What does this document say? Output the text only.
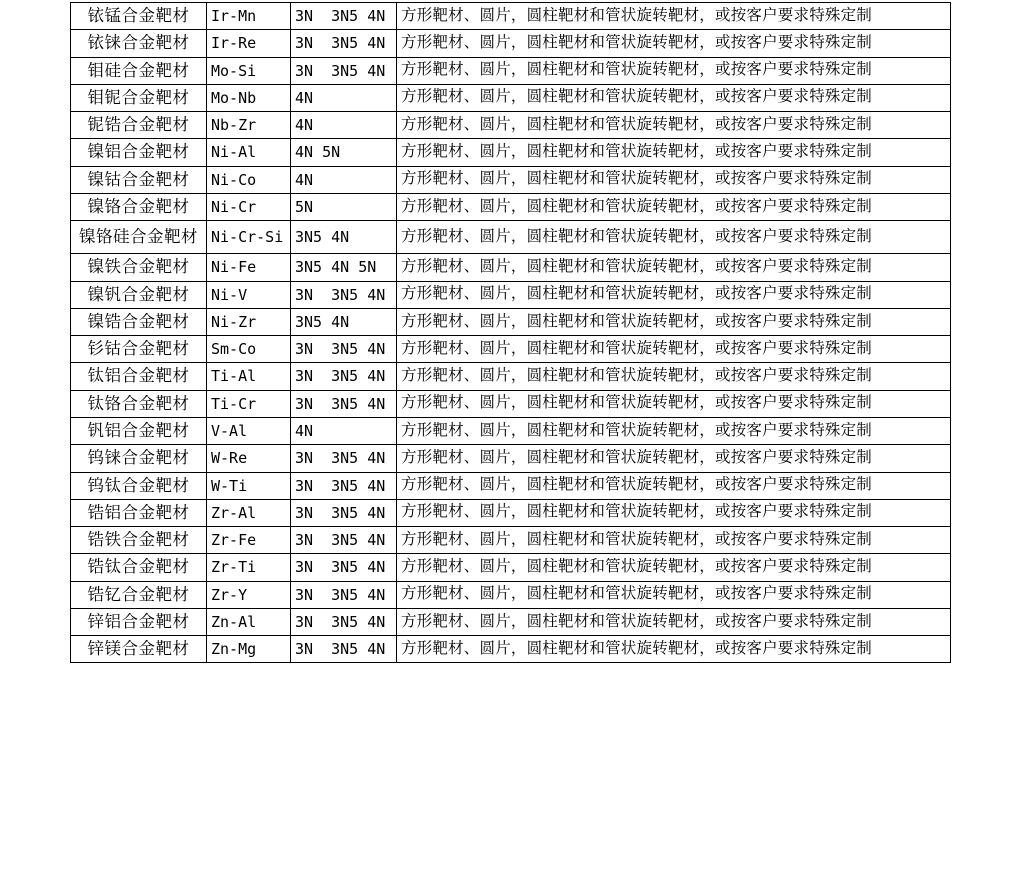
铱锰合金靶材	Ir-Mn	3N  3N5 4N	方形靶材、圆片，圆柱靶材和管状旋转靶材，或按客户要求特殊定制
铱铼合金靶材	Ir-Re	3N  3N5 4N	方形靶材、圆片，圆柱靶材和管状旋转靶材，或按客户要求特殊定制
钼硅合金靶材	Mo-Si	3N  3N5 4N	方形靶材、圆片，圆柱靶材和管状旋转靶材，或按客户要求特殊定制
钼铌合金靶材	Mo-Nb	4N	方形靶材、圆片，圆柱靶材和管状旋转靶材，或按客户要求特殊定制
铌锆合金靶材	Nb-Zr	4N	方形靶材、圆片，圆柱靶材和管状旋转靶材，或按客户要求特殊定制
镍铝合金靶材	Ni-Al	4N 5N	方形靶材、圆片，圆柱靶材和管状旋转靶材，或按客户要求特殊定制
镍钴合金靶材	Ni-Co	4N	方形靶材、圆片，圆柱靶材和管状旋转靶材，或按客户要求特殊定制
镍铬合金靶材	Ni-Cr	5N	方形靶材、圆片，圆柱靶材和管状旋转靶材，或按客户要求特殊定制
镍铬硅合金靶材	Ni-Cr-Si	3N5 4N	方形靶材、圆片，圆柱靶材和管状旋转靶材，或按客户要求特殊定制
镍铁合金靶材	Ni-Fe	3N5 4N 5N	方形靶材、圆片，圆柱靶材和管状旋转靶材，或按客户要求特殊定制
镍钒合金靶材	Ni-V	3N  3N5 4N	方形靶材、圆片，圆柱靶材和管状旋转靶材，或按客户要求特殊定制
镍锆合金靶材	Ni-Zr	3N5 4N	方形靶材、圆片，圆柱靶材和管状旋转靶材，或按客户要求特殊定制
钐钴合金靶材	Sm-Co	3N  3N5 4N	方形靶材、圆片，圆柱靶材和管状旋转靶材，或按客户要求特殊定制
钛铝合金靶材	Ti-Al	3N  3N5 4N	方形靶材、圆片，圆柱靶材和管状旋转靶材，或按客户要求特殊定制
钛铬合金靶材	Ti-Cr	3N  3N5 4N	方形靶材、圆片，圆柱靶材和管状旋转靶材，或按客户要求特殊定制
钒铝合金靶材	V-Al	4N	方形靶材、圆片，圆柱靶材和管状旋转靶材，或按客户要求特殊定制
钨铼合金靶材	W-Re	3N  3N5 4N	方形靶材、圆片，圆柱靶材和管状旋转靶材，或按客户要求特殊定制
钨钛合金靶材	W-Ti	3N  3N5 4N	方形靶材、圆片，圆柱靶材和管状旋转靶材，或按客户要求特殊定制
锆铝合金靶材	Zr-Al	3N  3N5 4N	方形靶材、圆片，圆柱靶材和管状旋转靶材，或按客户要求特殊定制
锆铁合金靶材	Zr-Fe	3N  3N5 4N	方形靶材、圆片，圆柱靶材和管状旋转靶材，或按客户要求特殊定制
锆钛合金靶材	Zr-Ti	3N  3N5 4N	方形靶材、圆片，圆柱靶材和管状旋转靶材，或按客户要求特殊定制
锆钇合金靶材	Zr-Y	3N  3N5 4N	方形靶材、圆片，圆柱靶材和管状旋转靶材，或按客户要求特殊定制
锌铝合金靶材	Zn-Al	3N  3N5 4N	方形靶材、圆片，圆柱靶材和管状旋转靶材，或按客户要求特殊定制
锌镁合金靶材	Zn-Mg	3N  3N5 4N	方形靶材、圆片，圆柱靶材和管状旋转靶材，或按客户要求特殊定制
